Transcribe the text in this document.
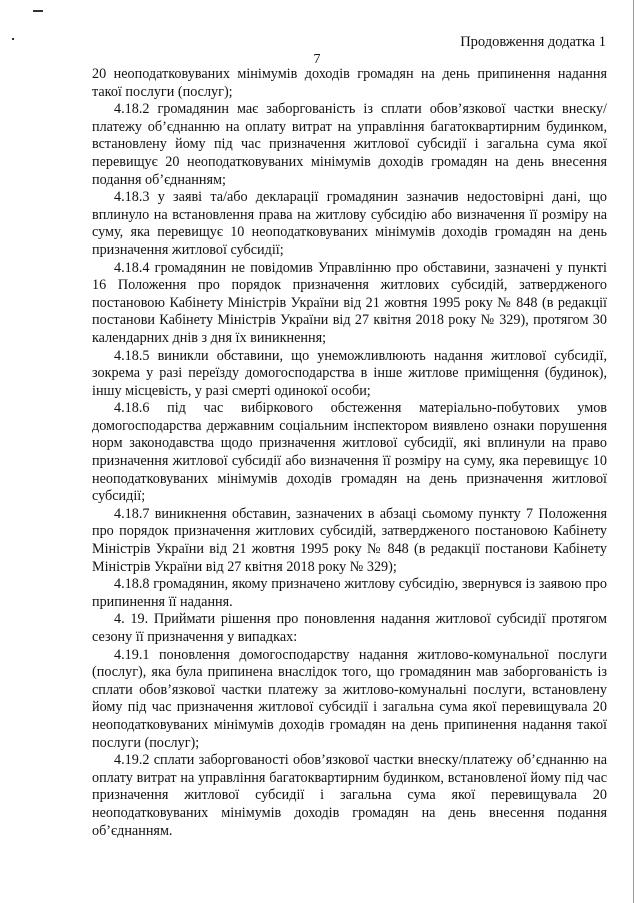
Продовження додатка 1
7

20 неоподатковуваних мінімумів доходів громадян на день припинення надання такої послуги (послуг);

4.18.2 громадянин має заборгованість із сплати обов’язкової частки внеску/платежу об’єднанню на оплату витрат на управління багатоквартирним будинком, встановлену йому під час призначення житлової субсидії і загальна сума якої перевищує 20 неоподатковуваних мінімумів доходів громадян на день внесення подання об’єднанням;

4.18.3 у заяві та/або декларації громадянин зазначив недостовірні дані, що вплинуло на встановлення права на житлову субсидію або визначення її розміру на суму, яка перевищує 10 неоподатковуваних мінімумів доходів громадян на день призначення житлової субсидії;

4.18.4 громадянин не повідомив Управлінню про обставини, зазначені у пункті 16 Положення про порядок призначення житлових субсидій, затвердженого постановою Кабінету Міністрів України від 21 жовтня 1995 року № 848 (в редакції постанови Кабінету Міністрів України від 27 квітня 2018 року № 329), протягом 30 календарних днів з дня їх виникнення;

4.18.5 виникли обставини, що унеможливлюють надання житлової субсидії, зокрема у разі переїзду домогосподарства в інше житлове приміщення (будинок), іншу місцевість, у разі смерті одинокої особи;

4.18.6 під час вибіркового обстеження матеріально-побутових умов домогосподарства державним соціальним інспектором виявлено ознаки порушення норм законодавства щодо призначення житлової субсидії, які вплинули на право призначення житлової субсидії або визначення її розміру на суму, яка перевищує 10 неоподатковуваних мінімумів доходів громадян на день призначення житлової субсидії;

4.18.7 виникнення обставин, зазначених в абзаці сьомому пункту 7 Положення про порядок призначення житлових субсидій, затвердженого постановою Кабінету Міністрів України від 21 жовтня 1995 року № 848 (в редакції постанови Кабінету Міністрів України від 27 квітня 2018 року № 329);

4.18.8 громадянин, якому призначено житлову субсидію, звернувся із заявою про припинення її надання.

4. 19. Приймати рішення про поновлення надання житлової субсидії протягом сезону її призначення у випадках:

4.19.1 поновлення домогосподарству надання житлово-комунальної послуги (послуг), яка була припинена внаслідок того, що громадянин мав заборгованість із сплати обов’язкової частки платежу за житлово-комунальні послуги, встановлену йому під час призначення житлової субсидії і загальна сума якої перевищувала 20 неоподатковуваних мінімумів доходів громадян на день припинення надання такої послуги (послуг);

4.19.2 сплати заборгованості обов’язкової частки внеску/платежу об’єднанню на оплату витрат на управління багатоквартирним будинком, встановленої йому під час призначення житлової субсидії і загальна сума якої перевищувала 20 неоподатковуваних мінімумів доходів громадян на день внесення подання об’єднанням.
